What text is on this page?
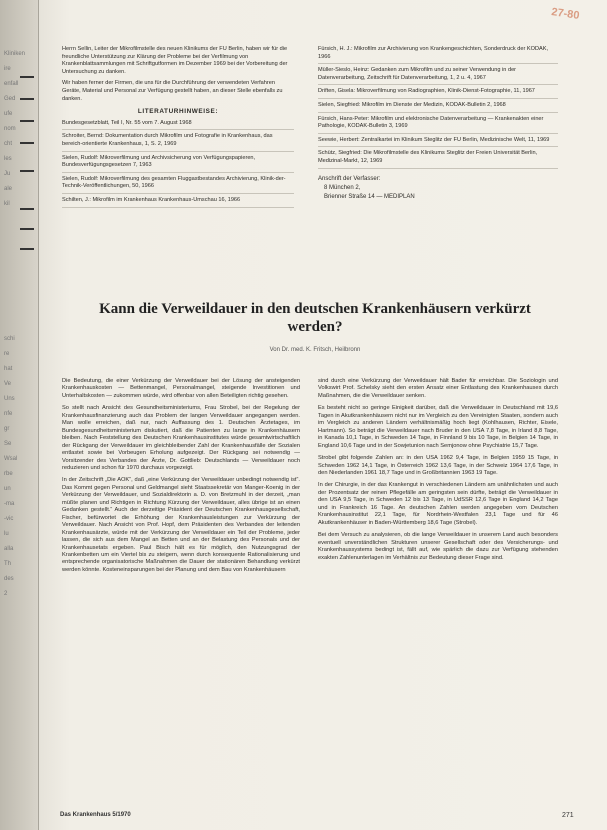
Kliniken
ire
enfall
Ged
ufe
nom
cht
les
Ju
ale
kil
schi
re
hat
Ve
Uns
nfe
gr
Se
Wsal
rbe
un
-ma
-vic
lu
alla
Th
des
2
27-80

Herrn Sellin, Leiter der Mikrofilmstelle des neuen Klinikums der FU Berlin, haben wir für die freundliche Unterstützung zur Klärung der Probleme bei der Verfilmung von Krankenblattsammlungen mit Schriftgutformen im Dezember 1969 bei der Vorbereitung der Untersuchung zu danken.

Wir haben ferner der Firmen, die uns für die Durchführung der verwendeten Verfahren Geräte, Material und Personal zur Verfügung gestellt haben, an dieser Stelle ebenfalls zu danken.

LITERATURHINWEISE:
Bundesgesetzblatt, Teil I, Nr. 55 vom 7. August 1968
Schroiter, Bernd: Dokumentation durch Mikrofilm und Fotografie in Krankenhaus, das bereich-orientierte Krankenhaus, 1, S. 2, 1969
Sielen, Rudolf: Mikroverfilmung und Archivsicherung von Verfügungspapieren, Bundesverfügungsgesetzen 7, 1963
Sielen, Rudolf: Mikroverfilmung des gesamten Fluggastbestandes Archivierung, Klinik-der-Technik-Veröffentlichungen, 50, 1966
Schilten, J.: Mikrofilm im Krankenhaus Krankenhaus-Umschau 16, 1966
Fürsich, H. J.: Mikrofilm zur Archivierung von Krankengeschichten, Sonderdruck der KODAK, 1966
Müller-Sieslo, Heinz: Gedanken zum Mikrofilm und zu seiner Verwendung in der Datenverarbeitung, Zeitschrift für Datenverarbeitung, 1, 2 u. 4, 1967
Driften, Gisela: Mikroverfilmung von Radiographien, Klinik-Dienst-Fotographie, 11, 1967
Sielen, Siegfried: Mikrofilm im Dienste der Medizin, KODAK-Bulletin 2, 1968
Fürsich, Hans-Peter: Mikrofilm und elektronische Datenverarbeitung — Krankenakten einer Pathologie, KODAK-Bulletin 3, 1969
Seewie, Herbert: Zentralkartei im Klinikum Steglitz der FU Berlin, Medizinische Welt, 11, 1969
Schütz, Siegfried: Die Mikrofilmstelle des Klinikums Steglitz der Freien Universität Berlin, Medizinal-Markt, 12, 1969
Anschrift der Verfasser:
8 München 2,
Brienner Straße 14 — MEDIPLAN
Kann die Verweildauer in den deutschen Krankenhäusern verkürzt werden?
Von Dr. med. K. Fritsch, Heilbronn

Die Bedeutung, die einer Verkürzung der Verweildauer bei der Lösung der ansteigenden Krankenhauskosten — Bettenmangel, Personalmangel, steigende Investitionen und Unterhaltskosten — zukommen würde, wird offenbar von allen Beteiligten richtig gesehen.

So stellt nach Ansicht des Gesundheitsministeriums, Frau Strobel, bei der Regelung der Krankenhausfinanzierung auch das Problem der langen Verweildauer angegangen werden. Man wolle erreichen, daß nur, nach Auffassung des 1. Deutschen Ärztetages, im Bundesgesundheitsministerium diskutiert, daß die Patienten zu lange in Krankenhäusern bleiben. Nach Feststellung des Deutschen Krankenhausinstitutes würde gesamtwirtschaftlich der Rückgang der Verweildauer im gleichbleibender Zahl der Krankenhausfälle der Sozialen entlastet sowie bei Vorbeugen Erholung aufgezeigt. Der Rückgang sei notwendig — Vorsitzender des Verbandes der Ärzte, Dr. Gottlieb: Deutschlands — Verweildauer noch reduzieren und schon für 1970 durchaus vorgezeigt.

In der Zeitschrift „Die AOK“, daß „eine Verkürzung der Verweildauer unbedingt notwendig ist“. Das Kommt gegen Personal und Geldmangel sieht Staatssekretär von Manger-Koenig in der Verkürzung der Verweildauer, und Sozialdirektorin a. D. von Bretzmuhl in der derzeit, „man müßte planen und Richtigen in Richtung Kürzung der Verweildauer, alles übrige ist an einen Gedanken gestellt.“ Auch der derzeitige Präsident der Deutschen Krankenhausgesellschaft, Fischer, befürwortet die Erhöhung der Krankenhausleistungen zur Verkürzung der Verweildauer. Nach Ansicht von Prof. Hopf, dem Präsidenten des Verbandes der leitenden Krankenhausärzte, würde mit der Verkürzung der Verweildauer ein Teil der Probleme, jeder lassen, die sich aus dem Mangel an Betten und an der Belastung des Personals und der Krankenhausetats ergeben. Paul Bisch hält es für möglich, den Nutzungsgrad der Krankenbetten um ein Viertel bis zu steigern, wenn durch konsequente Rationalisierung und entsprechende organisatorische Maßnahmen die Dauer der stationären Behandlung verkürzt werden könnte. Kosteneinsparungen bei der Planung und dem Bau von Krankenhäusern

sind durch eine Verkürzung der Verweildauer hält Bader für erreichbar. Die Soziologin und Volkswirt Prof. Schelsky sieht den ersten Ansatz einer Entlastung des Krankenhauses durch Maßnahmen, die die Verweildauer senken.

Es besteht nicht so geringe Einigkeit darüber, daß die Verweildauer in Deutschland mit 19,6 Tagen in Akutkrankenhäusern nicht nur im Vergleich zu den Vereinigten Staaten, sondern auch im Vergleich zu anderen Ländern verhältnismäßig hoch liegt (Kohlhausen, Richter, Eisele, Hartmann). So beträgt die Verweildauer nach Bruder in den USA 7,8 Tage, in Irland 8,8 Tage, in Kanada 10,1 Tage, in Schweden 14 Tage, in Finnland 9 bis 10 Tage, in Belgien 14 Tage, in England 10,6 Tage und in der Sowjetunion nach Semjonow ohne Psychiatrie 15,7 Tage.

Strobel gibt folgende Zahlen an: in den USA 1962 9,4 Tage, in Belgien 1959 15 Tage, in Schweden 1962 14,1 Tage, in Österreich 1962 13,6 Tage, in der Schweiz 1964 17,6 Tage, in den Niederlanden 1961 18,7 Tage und in Großbritannien 1963 19 Tage.

In der Chirurgie, in der das Krankengut in verschiedenen Ländern am unähnlichsten und auch der Prozentsatz der reinen Pflegefälle am geringsten sein dürfte, beträgt die Verweildauer in den USA 9,5 Tage, in Schweden 12 bis 13 Tage, in UdSSR 12,6 Tage in England 14,2 Tage und in Frankreich 16 Tage. An deutschen Zahlen werden angegeben vom Deutschen Krankenhausinstitut 22,1 Tage, für Nordrhein-Westfalen 23,1 Tage und für 46 Akutkrankenhäuser in Baden-Württemberg 18,6 Tage (Strobel).

Bei dem Versuch zu analysieren, ob die lange Verweildauer in unserem Land auch besonders eventuell unverständlichen Strukturen unserer Gesellschaft oder des Versicherungs- und Krankenhaussystems bedingt ist, fällt auf, wie spärlich die dazu zur Verfügung stehenden exakten Zahlenunterlagen im Verhältnis zur Bedeutung dieser Frage sind.

Das Krankenhaus 5/1970	271
